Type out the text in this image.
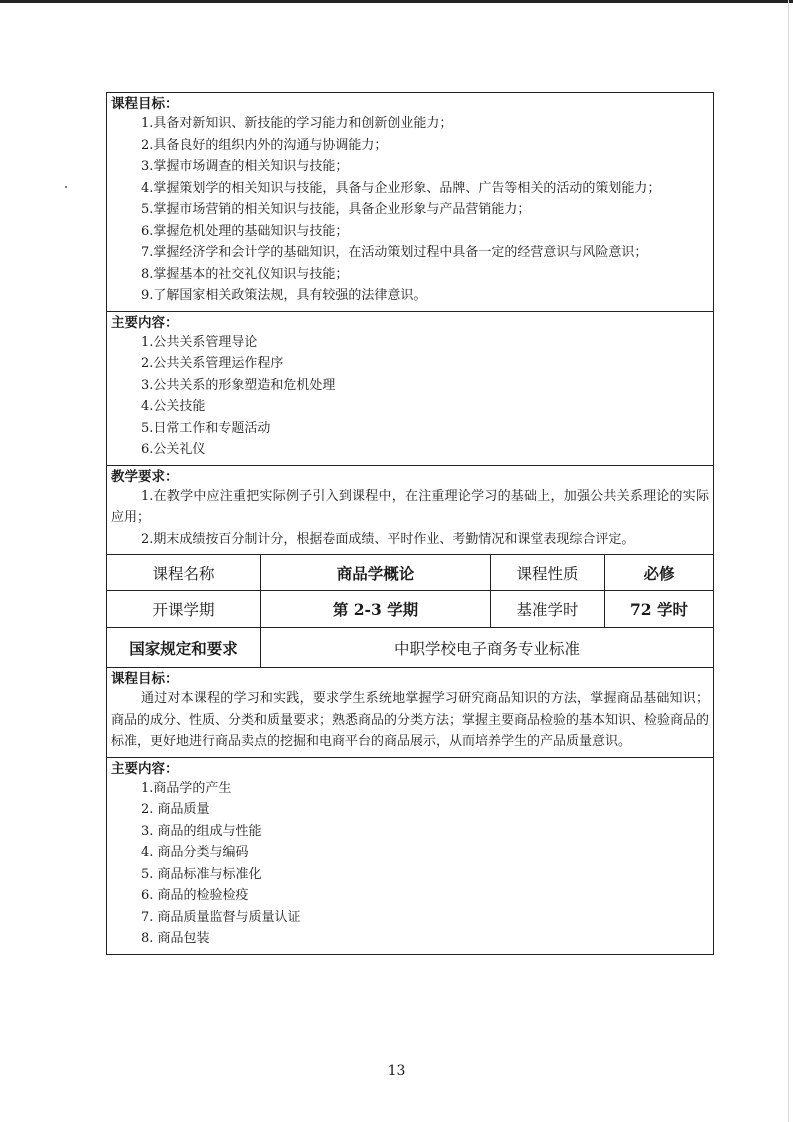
课程目标：
1.具备对新知识、新技能的学习能力和创新创业能力；
2.具备良好的组织内外的沟通与协调能力；
3.掌握市场调查的相关知识与技能；
4.掌握策划学的相关知识与技能，具备与企业形象、品牌、广告等相关的活动的策划能力；
5.掌握市场营销的相关知识与技能，具备企业形象与产品营销能力；
6.掌握危机处理的基础知识与技能；
7.掌握经济学和会计学的基础知识，在活动策划过程中具备一定的经营意识与风险意识；
8.掌握基本的社交礼仪知识与技能；
9.了解国家相关政策法规，具有较强的法律意识。
主要内容：
1.公共关系管理导论
2.公共关系管理运作程序
3.公共关系的形象塑造和危机处理
4.公关技能
5.日常工作和专题活动
6.公关礼仪
教学要求：
1.在教学中应注重把实际例子引入到课程中，在注重理论学习的基础上，加强公共关系理论的实际应用；
2.期末成绩按百分制计分，根据卷面成绩、平时作业、考勤情况和课堂表现综合评定。
课程名称	商品学概论	课程性质	必修
开课学期	第 2-3 学期	基准学时	72 学时
国家规定和要求	中职学校电子商务专业标准
课程目标：
通过对本课程的学习和实践，要求学生系统地掌握学习研究商品知识的方法，掌握商品基础知识；商品的成分、性质、分类和质量要求；熟悉商品的分类方法；掌握主要商品检验的基本知识、检验商品的标准，更好地进行商品卖点的挖掘和电商平台的商品展示，从而培养学生的产品质量意识。
主要内容：
1.商品学的产生
2. 商品质量
3. 商品的组成与性能
4. 商品分类与编码
5. 商品标准与标准化
6. 商品的检验检疫
7. 商品质量监督与质量认证
8. 商品包装
13
